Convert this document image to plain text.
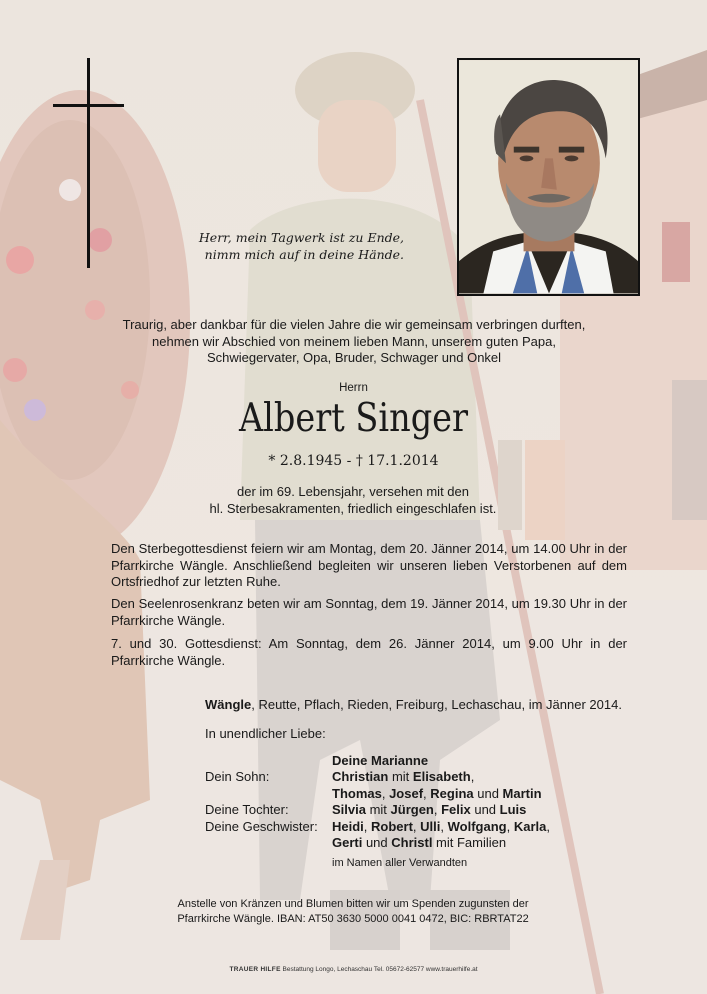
Herr, mein Tagwerk ist zu Ende,
nimm mich auf in deine Hände.
Traurig, aber dankbar für die vielen Jahre die wir gemeinsam verbringen durften,
nehmen wir Abschied von meinem lieben Mann, unserem guten Papa,
Schwiegervater, Opa, Bruder, Schwager und Onkel
Herrn
Albert Singer
* 2.8.1945 - † 17.1.2014
der im 69. Lebensjahr, versehen mit den
hl. Sterbesakramenten, friedlich eingeschlafen ist.
Den Sterbegottesdienst feiern wir am Montag, dem 20. Jänner 2014, um 14.00 Uhr in der Pfarrkirche Wängle. Anschließend begleiten wir unseren lieben Verstorbenen auf dem Ortsfriedhof zur letzten Ruhe.
Den Seelenrosenkranz beten wir am Sonntag, dem 19. Jänner 2014, um 19.30 Uhr in der Pfarrkirche Wängle.
7. und 30. Gottesdienst: Am Sonntag, dem 26. Jänner 2014, um 9.00 Uhr in der Pfarrkirche Wängle.
Wängle, Reutte, Pflach, Rieden, Freiburg, Lechaschau, im Jänner 2014.
In unendlicher Liebe:
Deine Marianne
Dein Sohn:	Christian mit Elisabeth,
Thomas, Josef, Regina und Martin
Deine Tochter:	Silvia mit Jürgen, Felix und Luis
Deine Geschwister:	Heidi, Robert, Ulli, Wolfgang, Karla,
Gerti und Christl mit Familien
im Namen aller Verwandten
Anstelle von Kränzen und Blumen bitten wir um Spenden zugunsten der
Pfarrkirche Wängle. IBAN: AT50 3630 5000 0041 0472, BIC: RBRTAT22
TRAUER HILFE Bestattung Longo, Lechaschau Tel. 05672-62577 www.trauerhilfe.at
